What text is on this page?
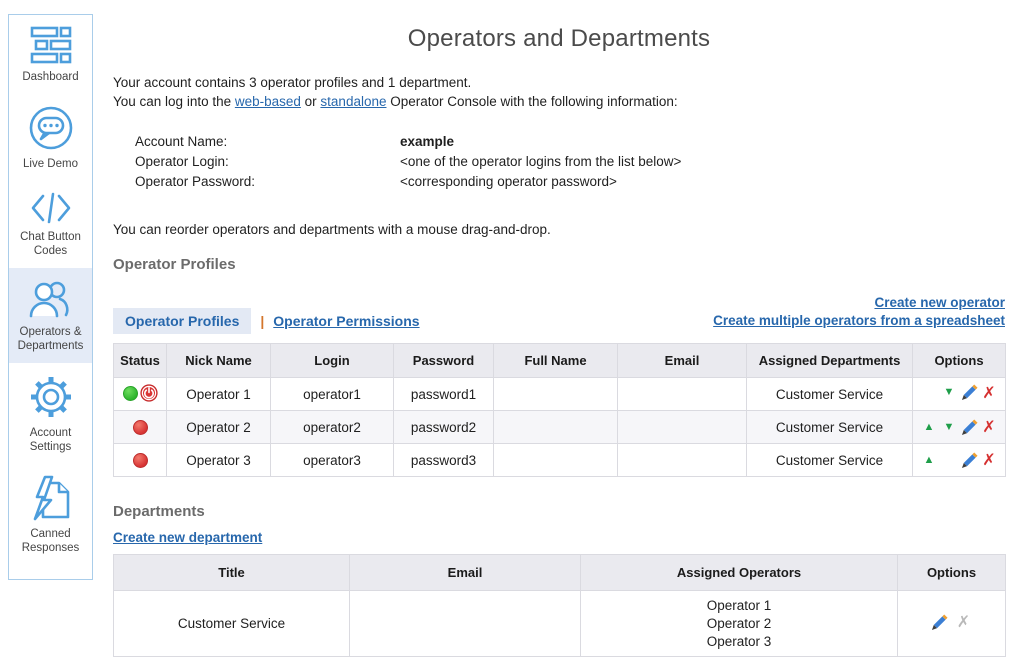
Dashboard
Live Demo
Chat Button Codes
Operators & Departments
Account Settings
Canned Responses
Operators and Departments
Your account contains 3 operator profiles and 1 department.
You can log into the web-based or standalone Operator Console with the following information:
Account Name:	example
Operator Login:	<one of the operator logins from the list below>
Operator Password:	<corresponding operator password>
You can reorder operators and departments with a mouse drag-and-drop.
Operator Profiles
Operator Profiles	| Operator Permissions
Create new operator
Create multiple operators from a spreadsheet
Status	Nick Name	Login	Password	Full Name	Email	Assigned Departments	Options

	Operator 1	operator1	password1			Customer Service	▼ ✗

	Operator 2	operator2	password2			Customer Service	▲ ▼ ✗

	Operator 3	operator3	password3			Customer Service	▲ ✗
Departments
Create new department
Title	Email	Assigned Operators	Options
Customer Service		Operator 1
Operator 2
Operator 3	✗
